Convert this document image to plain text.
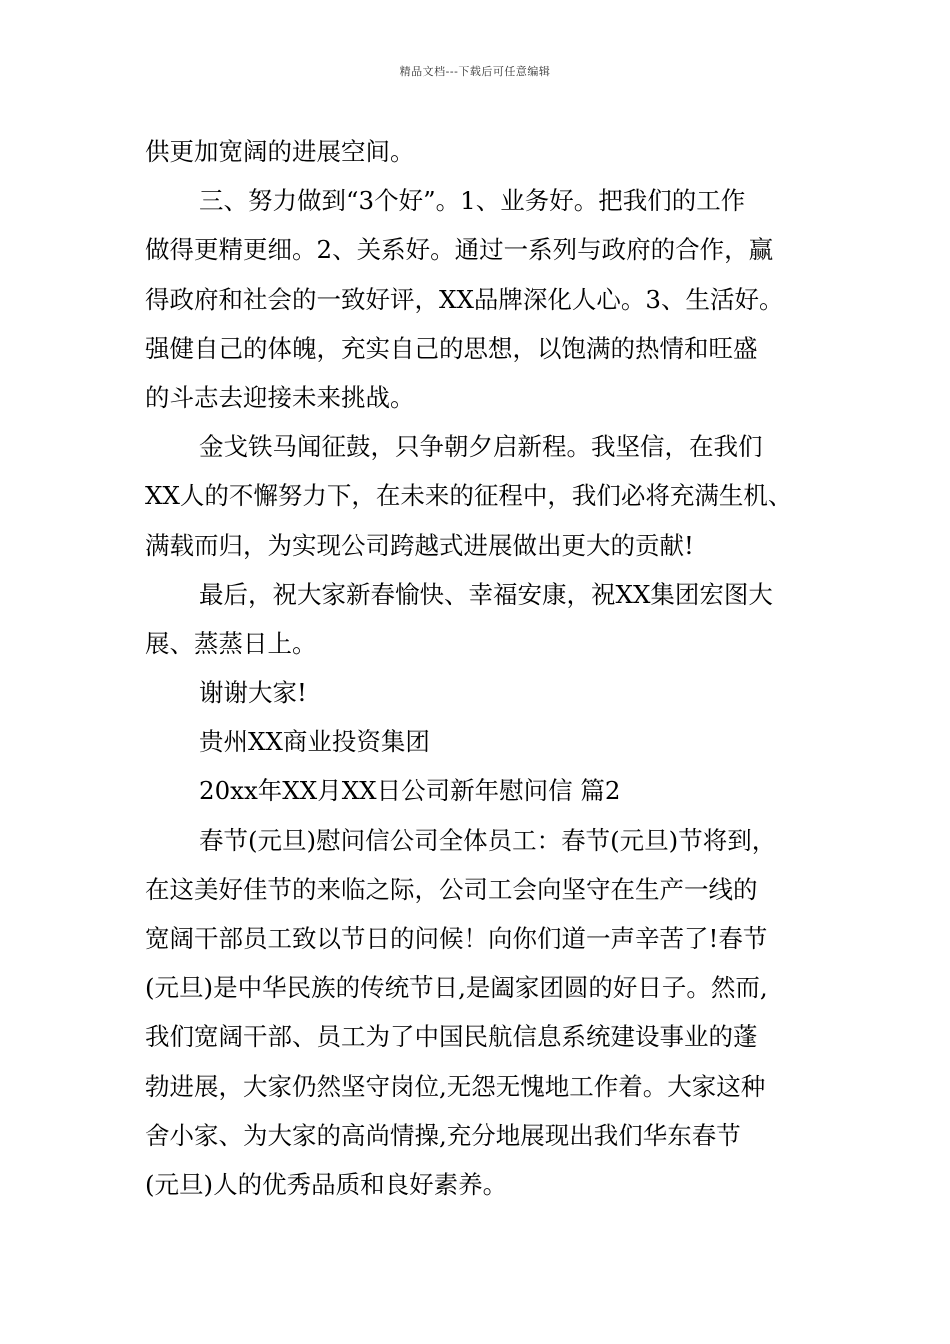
精品文档---下载后可任意编辑
供更加宽阔的进展空间。
三、努力做到“3个好”。1、业务好。把我们的工作
做得更精更细。2、关系好。通过一系列与政府的合作，赢
得政府和社会的一致好评，XX品牌深化人心。3、生活好。
强健自己的体魄，充实自己的思想，以饱满的热情和旺盛
的斗志去迎接未来挑战。
金戈铁马闻征鼓，只争朝夕启新程。我坚信，在我们
XX人的不懈努力下，在未来的征程中，我们必将充满生机、
满载而归，为实现公司跨越式进展做出更大的贡献!
最后，祝大家新春愉快、幸福安康，祝XX集团宏图大
展、蒸蒸日上。
谢谢大家!
贵州XX商业投资集团
20xx年XX月XX日公司新年慰问信 篇2
春节(元旦)慰问信公司全体员工：春节(元旦)节将到，
在这美好佳节的来临之际，公司工会向坚守在生产一线的
宽阔干部员工致以节日的问候！向你们道一声辛苦了!春节
(元旦)是中华民族的传统节日,是阖家团圆的好日子。然而,
我们宽阔干部、员工为了中国民航信息系统建设事业的蓬
勃进展，大家仍然坚守岗位,无怨无愧地工作着。大家这种
舍小家、为大家的高尚情操,充分地展现出我们华东春节
(元旦)人的优秀品质和良好素养。
